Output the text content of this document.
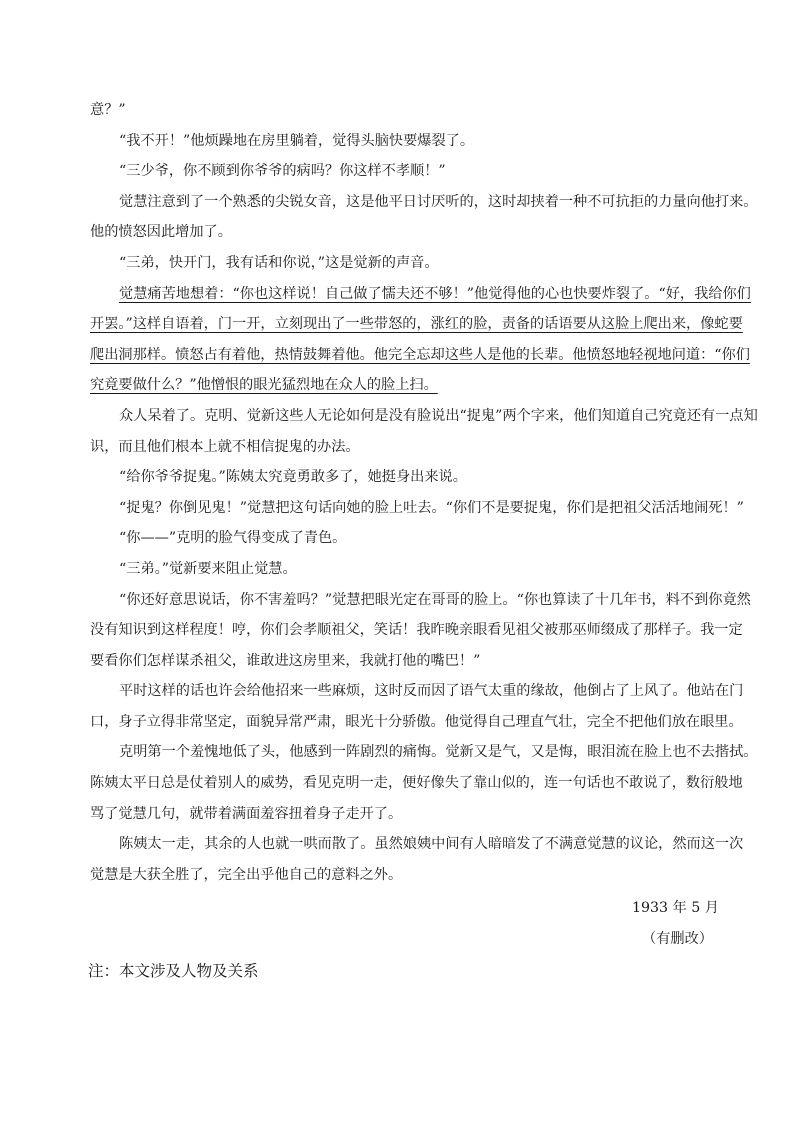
意？”
“我不开！”他烦躁地在房里躺着，觉得头脑快要爆裂了。
“三少爷，你不顾到你爷爷的病吗？你这样不孝顺！”
觉慧注意到了一个熟悉的尖锐女音，这是他平日讨厌听的，这时却挟着一种不可抗拒的力量向他打来。
他的愤怒因此增加了。
“三弟，快开门，我有话和你说，”这是觉新的声音。
觉慧痛苦地想着：“你也这样说！自己做了懦夫还不够！”他觉得他的心也快要炸裂了。“好，我给你们
开罢。”这样自语着，门一开，立刻现出了一些带怒的，涨红的脸，责备的话语要从这脸上爬出来，像蛇要
爬出洞那样。愤怒占有着他，热情鼓舞着他。他完全忘却这些人是他的长辈。他愤怒地轻视地问道：“你们
究竟要做什么？”他憎恨的眼光猛烈地在众人的脸上扫。
众人呆着了。克明、觉新这些人无论如何是没有脸说出“捉鬼”两个字来，他们知道自己究竟还有一点知
识，而且他们根本上就不相信捉鬼的办法。
“给你爷爷捉鬼。”陈姨太究竟勇敢多了，她挺身出来说。
“捉鬼？你倒见鬼！”觉慧把这句话向她的脸上吐去。“你们不是要捉鬼，你们是把祖父活活地闹死！”
“你——”克明的脸气得变成了青色。
“三弟。”觉新要来阻止觉慧。
“你还好意思说话，你不害羞吗？”觉慧把眼光定在哥哥的脸上。“你也算读了十几年书，料不到你竟然
没有知识到这样程度！哼，你们会孝顺祖父，笑话！我昨晚亲眼看见祖父被那巫师缀成了那样子。我一定
要看你们怎样谋杀祖父，谁敢进这房里来，我就打他的嘴巴！”
平时这样的话也许会给他招来一些麻烦，这时反而因了语气太重的缘故，他倒占了上风了。他站在门
口，身子立得非常坚定，面貌异常严肃，眼光十分骄傲。他觉得自己理直气壮，完全不把他们放在眼里。
克明第一个羞愧地低了头，他感到一阵剧烈的痛悔。觉新又是气，又是悔，眼泪流在脸上也不去揩拭。
陈姨太平日总是仗着别人的威势，看见克明一走，便好像失了靠山似的，连一句话也不敢说了，数衍般地
骂了觉慧几句，就带着满面羞容扭着身子走开了。
陈姨太一走，其余的人也就一哄而散了。虽然娘姨中间有人暗暗发了不满意觉慧的议论，然而这一次
觉慧是大获全胜了，完全出乎他自己的意料之外。
1933 年 5 月
（有删改）
注：本文涉及人物及关系
